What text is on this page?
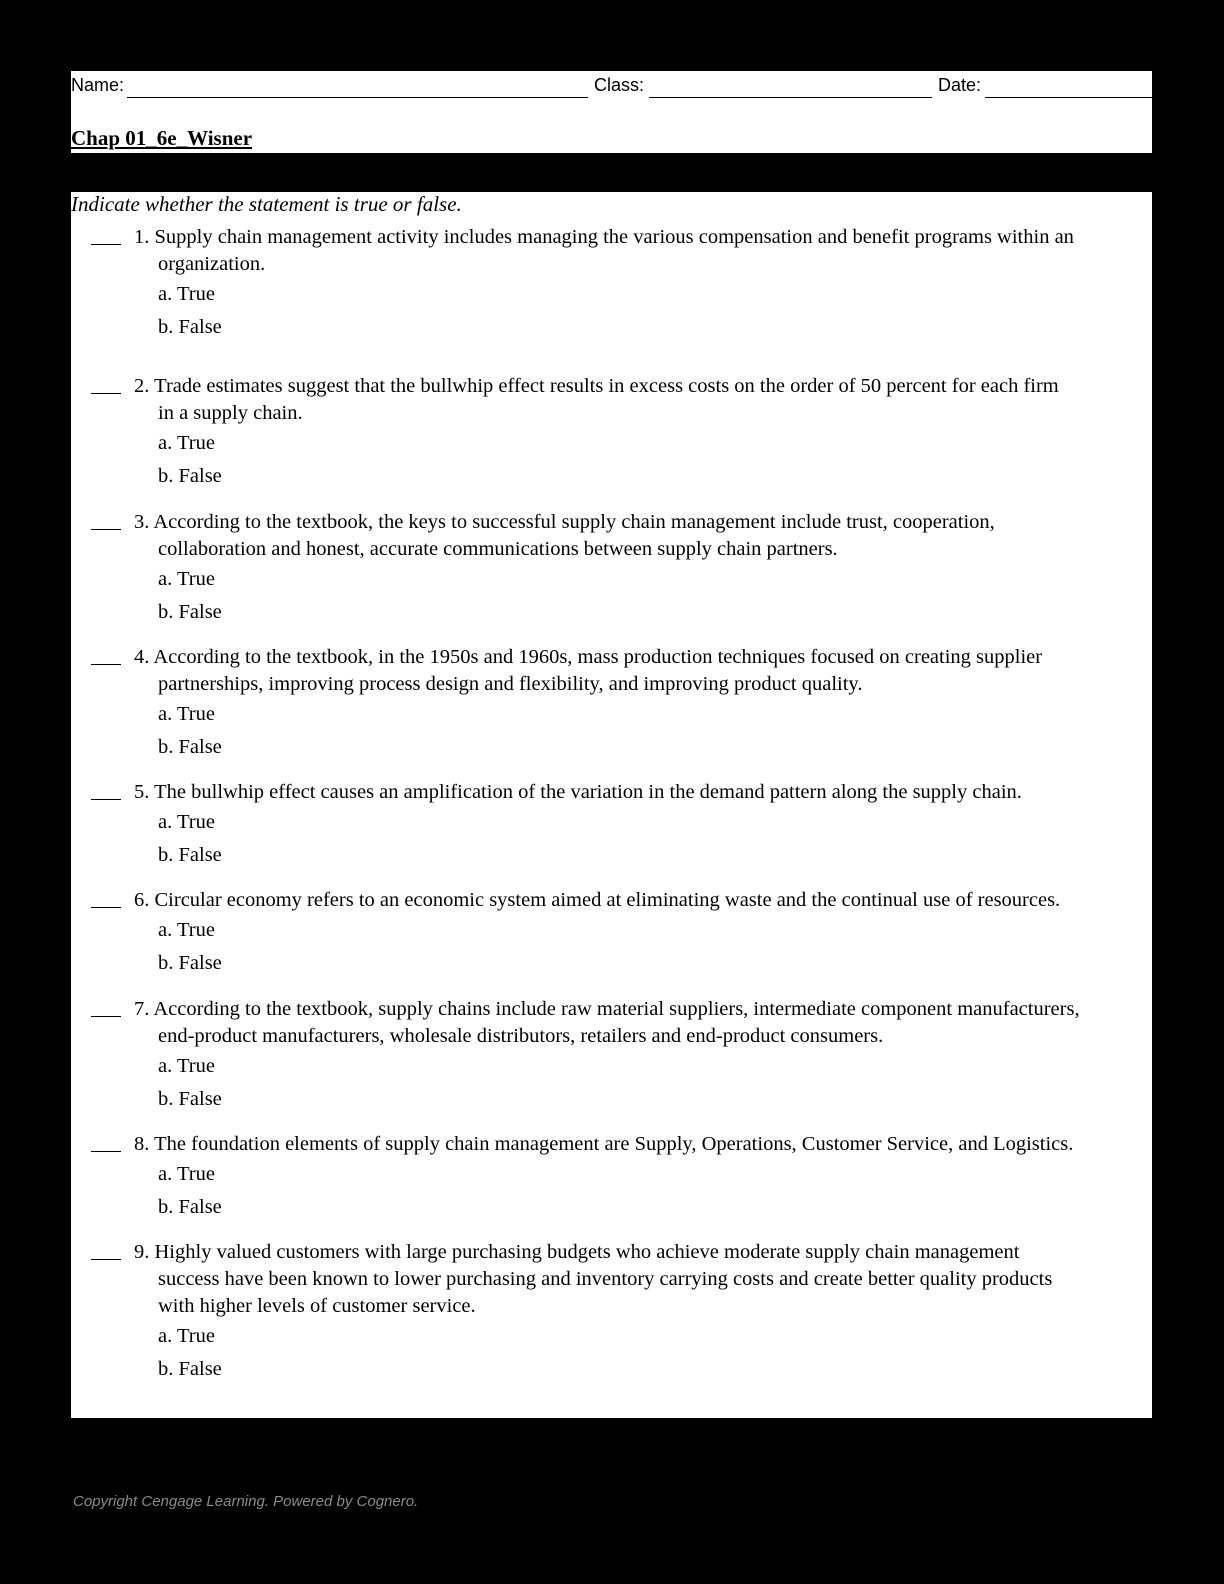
Name:	Class:	Date:
Chap 01_6e_Wisner
Indicate whether the statement is true or false.
1. Supply chain management activity includes managing the various compensation and benefit programs within an
organization.
a. True
b. False
2. Trade estimates suggest that the bullwhip effect results in excess costs on the order of 50 percent for each firm
in a supply chain.
a. True
b. False
3. According to the textbook, the keys to successful supply chain management include trust, cooperation,
collaboration and honest, accurate communications between supply chain partners.
a. True
b. False
4. According to the textbook, in the 1950s and 1960s, mass production techniques focused on creating supplier
partnerships, improving process design and flexibility, and improving product quality.
a. True
b. False
5. The bullwhip effect causes an amplification of the variation in the demand pattern along the supply chain.
a. True
b. False
6. Circular economy refers to an economic system aimed at eliminating waste and the continual use of resources.
a. True
b. False
7. According to the textbook, supply chains include raw material suppliers, intermediate component manufacturers,
end-product manufacturers, wholesale distributors, retailers and end-product consumers.
a. True
b. False
8. The foundation elements of supply chain management are Supply, Operations, Customer Service, and Logistics.
a. True
b. False
9. Highly valued customers with large purchasing budgets who achieve moderate supply chain management
success have been known to lower purchasing and inventory carrying costs and create better quality products
with higher levels of customer service.
a. True
b. False
Copyright Cengage Learning. Powered by Cognero.
